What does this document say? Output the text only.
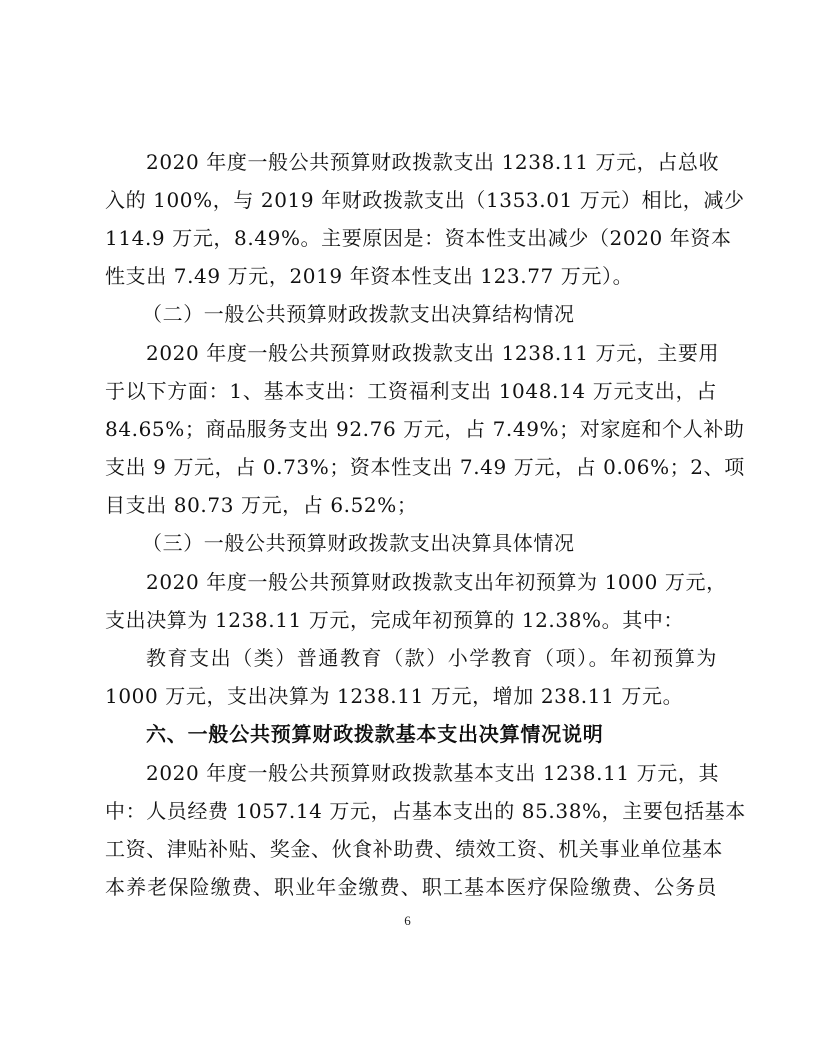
2020 年度一般公共预算财政拨款支出 1238.11 万元，占总收
入的 100%，与 2019 年财政拨款支出（1353.01 万元）相比，减少
114.9 万元，8.49%。主要原因是：资本性支出减少（2020 年资本
性支出 7.49 万元，2019 年资本性支出 123.77 万元）。
（二）一般公共预算财政拨款支出决算结构情况
2020 年度一般公共预算财政拨款支出 1238.11 万元，主要用
于以下方面：1、基本支出：工资福利支出 1048.14 万元支出，占
84.65%；商品服务支出 92.76 万元，占 7.49%；对家庭和个人补助
支出 9 万元，占 0.73%；资本性支出 7.49 万元，占 0.06%；2、项
目支出 80.73 万元，占 6.52%；
（三）一般公共预算财政拨款支出决算具体情况
2020 年度一般公共预算财政拨款支出年初预算为 1000 万元，
支出决算为 1238.11 万元，完成年初预算的 12.38%。其中：
教育支出（类）普通教育（款）小学教育（项）。年初预算为
1000 万元，支出决算为 1238.11 万元，增加 238.11 万元。
六、一般公共预算财政拨款基本支出决算情况说明
2020 年度一般公共预算财政拨款基本支出 1238.11 万元，其
中：人员经费 1057.14 万元，占基本支出的 85.38%，主要包括基本
工资、津贴补贴、奖金、伙食补助费、绩效工资、机关事业单位基本
本养老保险缴费、职业年金缴费、职工基本医疗保险缴费、公务员
6
